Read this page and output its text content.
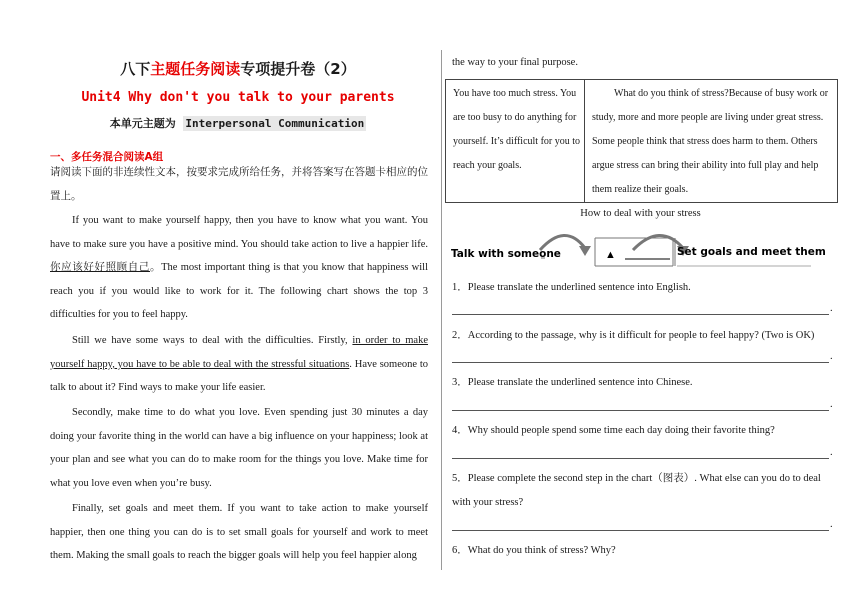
八下主题任务阅读专项提升卷（2）
Unit4 Why don't you talk to your parents
本单元主题为 Interpersonal Communication
一、多任务混合阅读A组
请阅读下面的非连续性文本，按要求完成所给任务，并将答案写在答题卡相应的位置上。
If you want to make yourself happy, then you have to know what you want. You have to make sure you have a positive mind. You should take action to live a happier life. 你应该好好照顾自己。The most important thing is that you know that happiness will reach you if you would like to work for it. The following chart shows the top 3 difficulties for you to feel happy.
Still we have some ways to deal with the difficulties. Firstly, in order to make yourself happy, you have to be able to deal with the stressful situations. Have someone to talk to about it? Find ways to make your life easier.
Secondly, make time to do what you love. Even spending just 30 minutes a day doing your favorite thing in the world can have a big influence on your happiness; look at your plan and see what you can do to make room for the things you love. Make time for what you love even when you’re busy.
Finally, set goals and meet them. If you want to take action to make yourself happier, then one thing you can do is to set small goals for yourself and work to meet them. Making the small goals to reach the bigger goals will help you feel happier along
the way to your final purpose.
You have too much stress. You are too busy to do anything for yourself. It’s difficult for you to reach your goals.
What do you think of stress?Because of busy work or study, more and more people are living under great stress. Some people think that stress does harm to them. Others argue stress can bring their ability into full play and help them realize their goals.
How to deal with your stress
Talk with someone	▲	Set goals and meet them
1．Please translate the underlined sentence into English.
.
2．According to the passage, why is it difficult for people to feel happy? (Two is OK)
.
3．Please translate the underlined sentence into Chinese.
.
4．Why should people spend some time each day doing their favorite thing?
.
5．Please complete the second step in the chart（图表）. What else can you do to deal with your stress?
.
6．What do you think of stress? Why?
